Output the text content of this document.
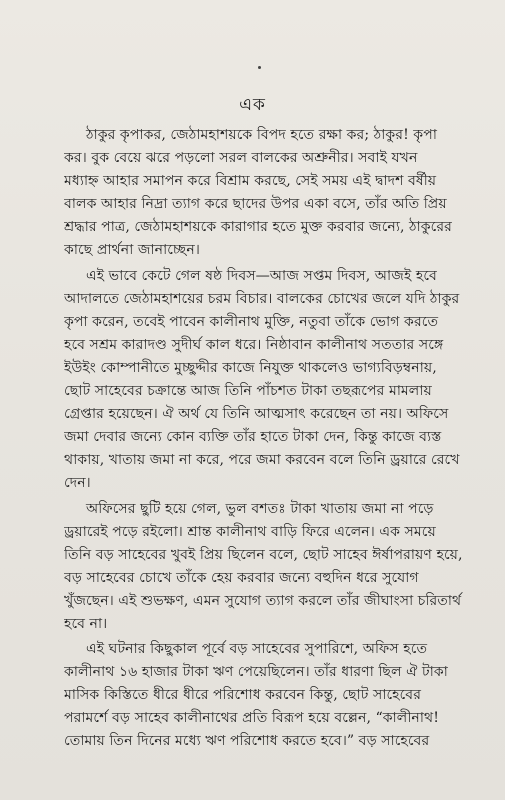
এক
ঠাকুর কৃপাকর, জেঠামহাশয়কে বিপদ হতে রক্ষা কর; ঠাকুর! কৃপা
কর। বুক বেয়ে ঝরে পড়লো সরল বালকের অশ্রুনীর। সবাই যখন
মধ্যাহ্ন আহার সমাপন করে বিশ্রাম করছে, সেই সময় এই দ্বাদশ বর্ষীয়
বালক আহার নিদ্রা ত্যাগ করে ছাদের উপর একা বসে, তাঁর অতি প্রিয়
শ্রদ্ধার পাত্র, জেঠামহাশয়কে কারাগার হতে মুক্ত করবার জন্যে, ঠাকুরের
কাছে প্রার্থনা জানাচ্ছেন।
এই ভাবে কেটে গেল ষষ্ঠ দিবস—আজ সপ্তম দিবস, আজই হবে
আদালতে জেঠামহাশয়ের চরম বিচার। বালকের চোখের জলে যদি ঠাকুর
কৃপা করেন, তবেই পাবেন কালীনাথ মুক্তি, নতুবা তাঁকে ভোগ করতে
হবে সশ্রম কারাদণ্ড সুদীর্ঘ কাল ধরে। নিষ্ঠাবান কালীনাথ সততার সঙ্গে
ইউইং কোম্পানীতে মুচ্ছুদ্দীর কাজে নিযুক্ত থাকলেও ভাগ্যবিড়ম্বনায়,
ছোট সাহেবের চক্রান্তে আজ তিনি পাঁচশত টাকা তছরূপের মামলায়
গ্রেপ্তার হয়েছেন। ঐ অর্থ যে তিনি আত্মসাৎ করেছেন তা নয়। অফিসে
জমা দেবার জন্যে কোন ব্যক্তি তাঁর হাতে টাকা দেন, কিন্তু কাজে ব্যস্ত
থাকায়, খাতায় জমা না করে, পরে জমা করবেন বলে তিনি ড্রয়ারে রেখে
দেন।
অফিসের ছুটি হয়ে গেল, ভুল বশতঃ টাকা খাতায় জমা না পড়ে
ড্রয়ারেই পড়ে রইলো। শ্রান্ত কালীনাথ বাড়ি ফিরে এলেন। এক সময়ে
তিনি বড় সাহেবের খুবই প্রিয় ছিলেন বলে, ছোট সাহেব ঈর্ষাপরায়ণ হয়ে,
বড় সাহেবের চোখে তাঁকে হেয় করবার জন্যে বহুদিন ধরে সুযোগ
খুঁজছেন। এই শুভক্ষণ, এমন সুযোগ ত্যাগ করলে তাঁর জীঘাংসা চরিতার্থ
হবে না।
এই ঘটনার কিছুকাল পূর্বে বড় সাহেবের সুপারিশে, অফিস হতে
কালীনাথ ১৬ হাজার টাকা ঋণ পেয়েছিলেন। তাঁর ধারণা ছিল ঐ টাকা
মাসিক কিস্তিতে ধীরে ধীরে পরিশোধ করবেন কিন্তু, ছোট সাহেবের
পরামর্শে বড় সাহেব কালীনাথের প্রতি বিরূপ হয়ে বল্লেন, “কালীনাথ!
তোমায় তিন দিনের মধ্যে ঋণ পরিশোধ করতে হবে।” বড় সাহেবের
